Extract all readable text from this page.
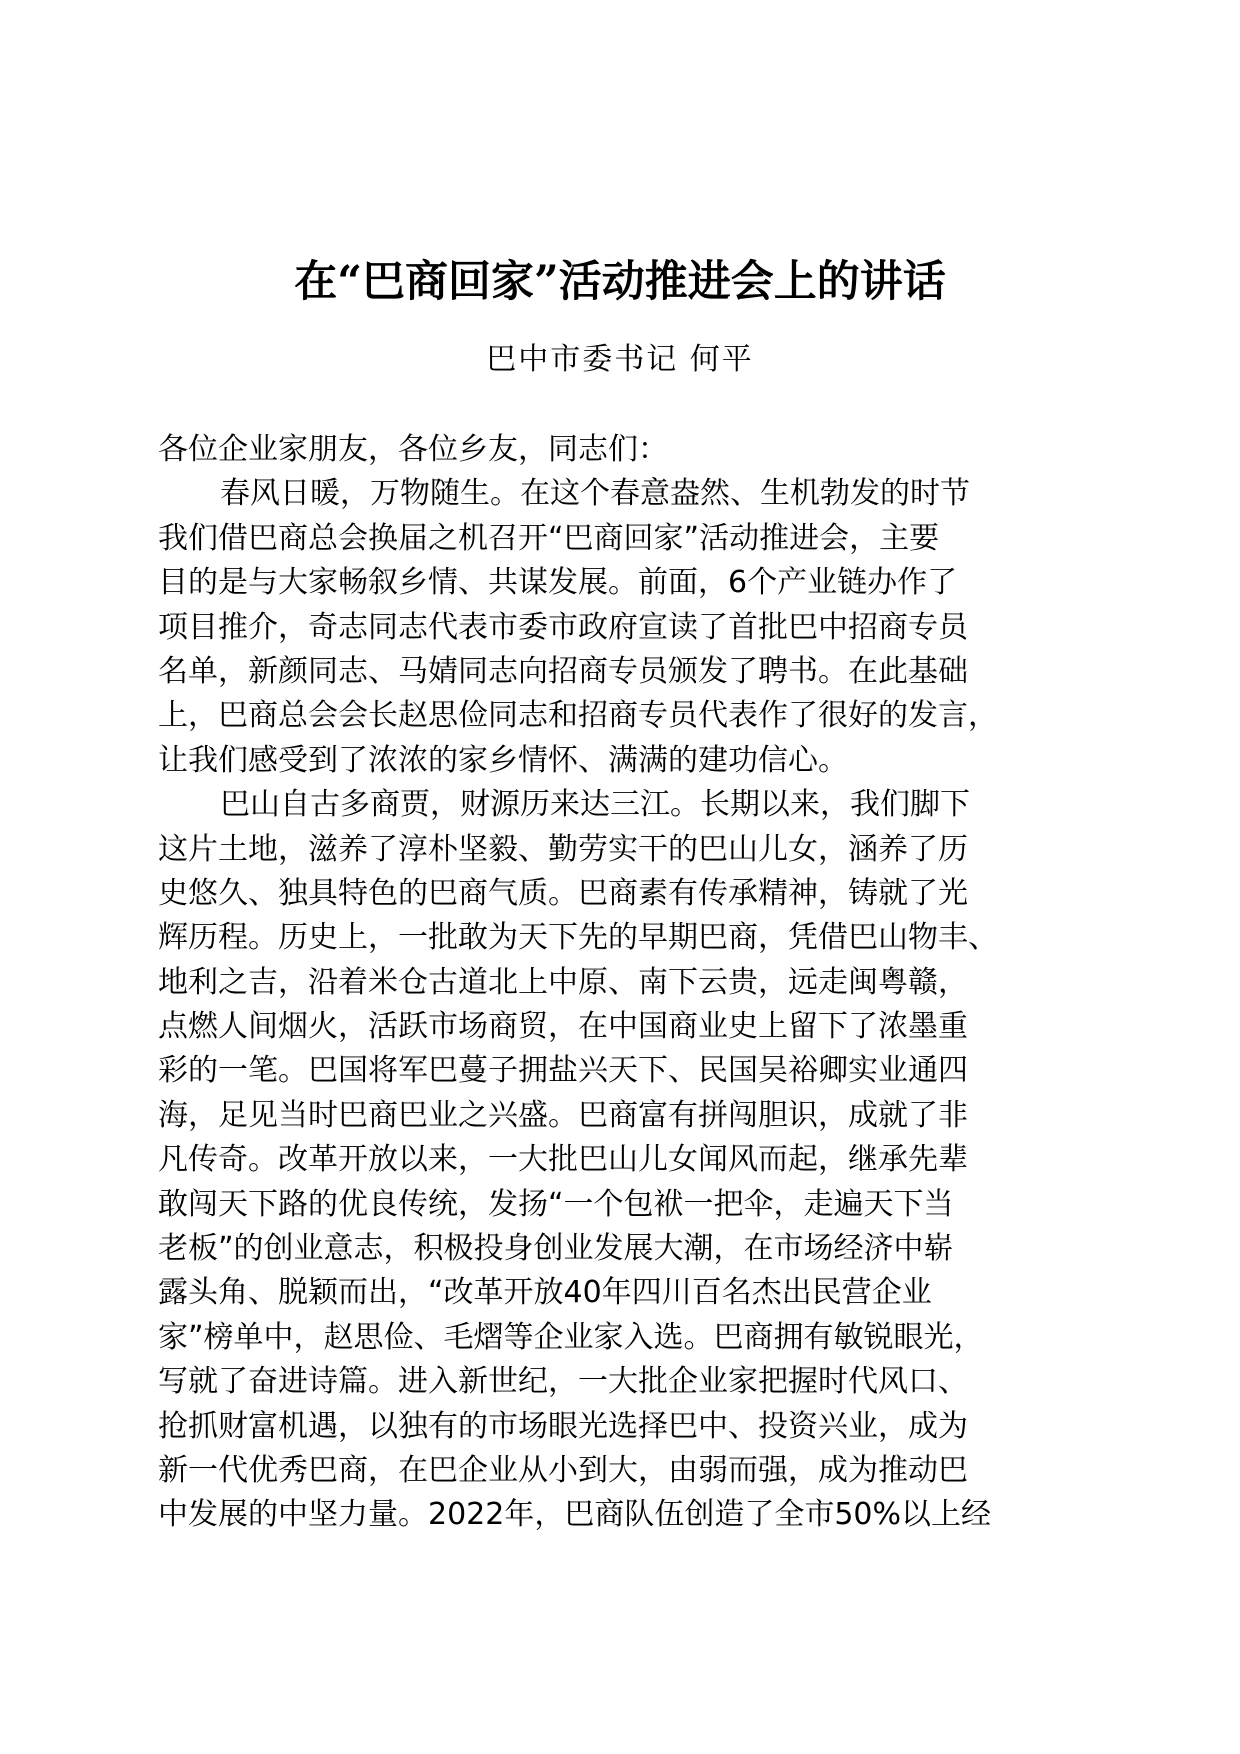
在“巴商回家”活动推进会上的讲话
巴中市委书记 何平
各位企业家朋友，各位乡友，同志们：
春风日暖，万物随生。在这个春意盎然、生机勃发的时节
我们借巴商总会换届之机召开“巴商回家”活动推进会，主要
目的是与大家畅叙乡情、共谋发展。前面，6个产业链办作了
项目推介，奇志同志代表市委市政府宣读了首批巴中招商专员
名单，新颜同志、马婧同志向招商专员颁发了聘书。在此基础
上，巴商总会会长赵思俭同志和招商专员代表作了很好的发言，
让我们感受到了浓浓的家乡情怀、满满的建功信心。
巴山自古多商贾，财源历来达三江。长期以来，我们脚下
这片土地，滋养了淳朴坚毅、勤劳实干的巴山儿女，涵养了历
史悠久、独具特色的巴商气质。巴商素有传承精神，铸就了光
辉历程。历史上，一批敢为天下先的早期巴商，凭借巴山物丰、
地利之吉，沿着米仓古道北上中原、南下云贵，远走闽粤赣，
点燃人间烟火，活跃市场商贸，在中国商业史上留下了浓墨重
彩的一笔。巴国将军巴蔓子拥盐兴天下、民国吴裕卿实业通四
海，足见当时巴商巴业之兴盛。巴商富有拼闯胆识，成就了非
凡传奇。改革开放以来，一大批巴山儿女闻风而起，继承先辈
敢闯天下路的优良传统，发扬“一个包袱一把伞，走遍天下当
老板”的创业意志，积极投身创业发展大潮，在市场经济中崭
露头角、脱颖而出，“改革开放40年四川百名杰出民营企业
家”榜单中，赵思俭、毛熠等企业家入选。巴商拥有敏锐眼光，
写就了奋进诗篇。进入新世纪，一大批企业家把握时代风口、
抢抓财富机遇，以独有的市场眼光选择巴中、投资兴业，成为
新一代优秀巴商，在巴企业从小到大，由弱而强，成为推动巴
中发展的中坚力量。2022年，巴商队伍创造了全市50%以上经
